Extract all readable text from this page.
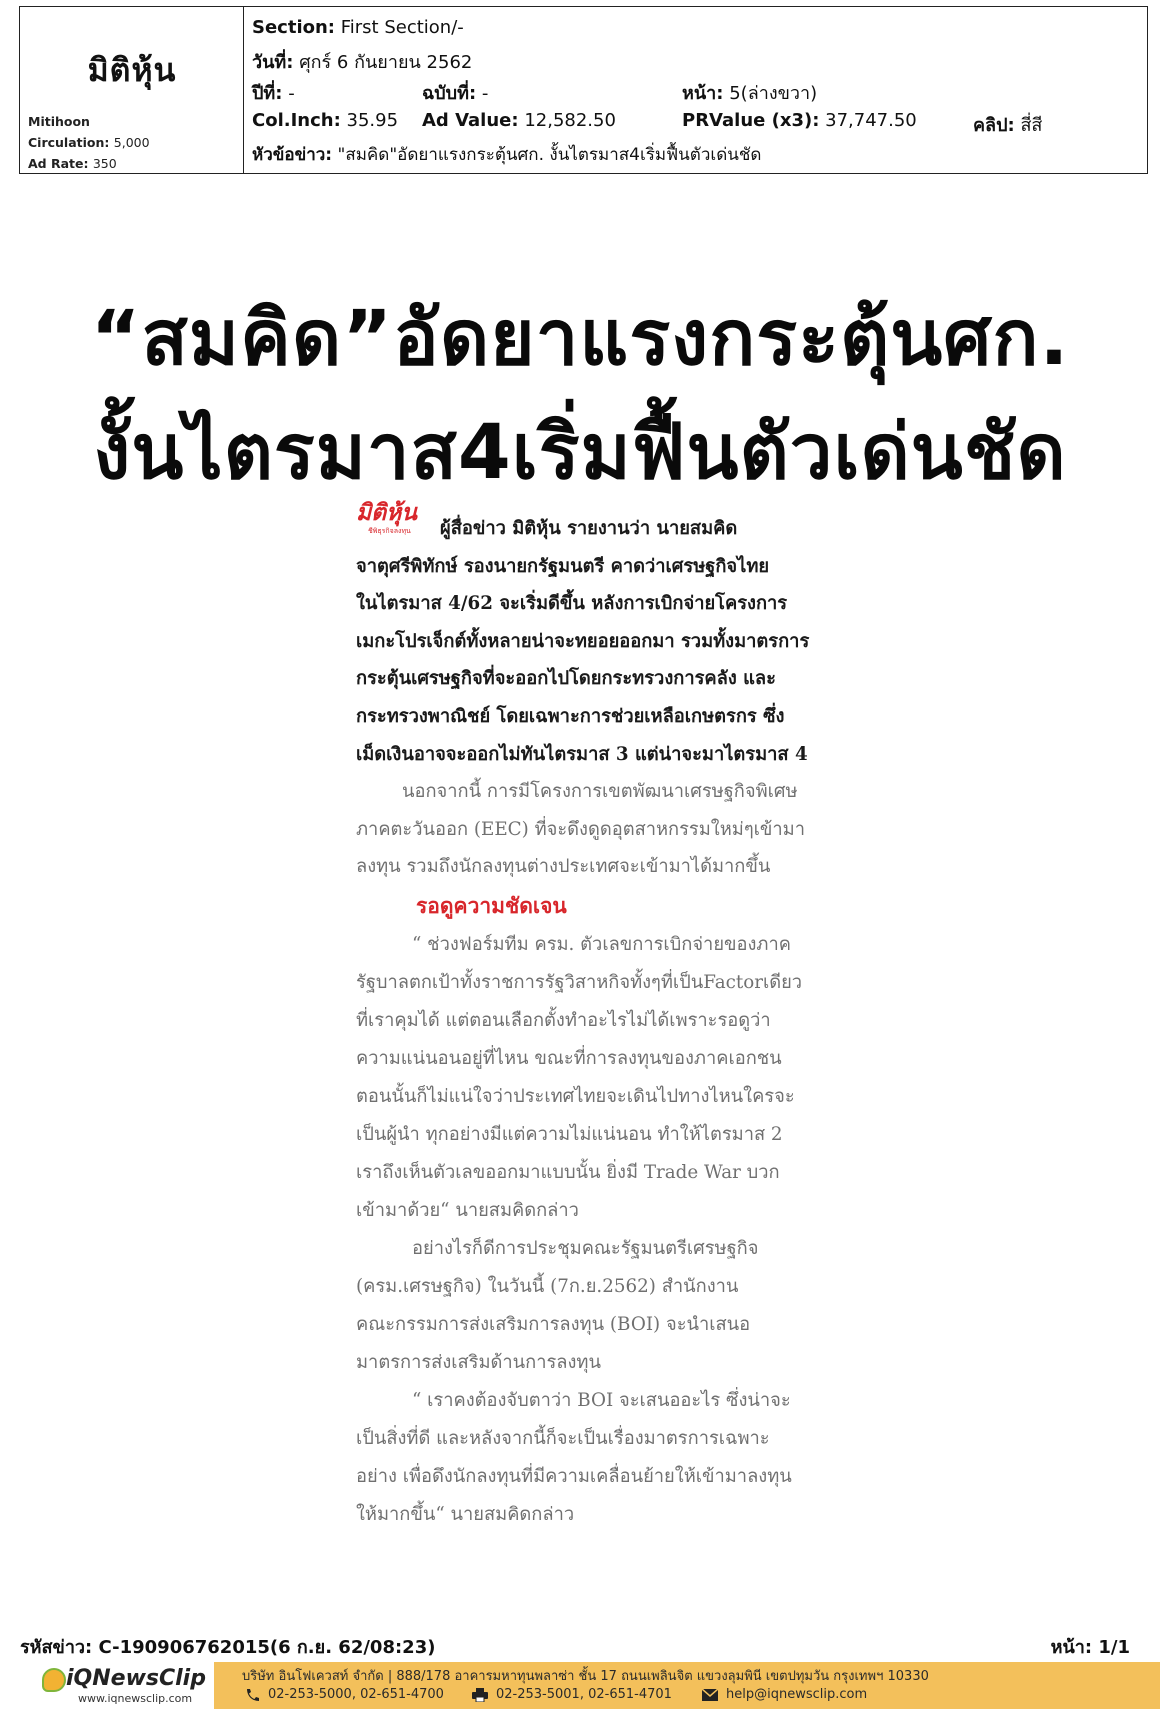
มิติหุ้น
Mitihoon
Circulation: 5,000
Ad Rate: 350
Section: First Section/-
วันที่: ศุกร์ 6 กันยายน 2562
ปีที่: -	ฉบับที่: -	หน้า: 5(ล่างขวา)
Col.Inch: 35.95 Ad Value: 12,582.50	PRValue (x3): 37,747.50	คลิป: สี่สี
หัวข้อข่าว: "สมคิด"อัดยาแรงกระตุ้นศก. งั้นไตรมาส4เริ่มฟื้นตัวเด่นชัด
“สมคิด”อัดยาแรงกระตุ้นศก.
งั้นไตรมาส4เริ่มฟื้นตัวเด่นชัด
มิติหุ้น
ชีพิธุรกิจลงทุน	ผู้สื่อข่าว มิติหุ้น รายงานว่า นายสมคิด
จาตุศรีพิทักษ์ รองนายกรัฐมนตรี คาดว่าเศรษฐกิจไทย
ในไตรมาส 4/62 จะเริ่มดีขึ้น หลังการเบิกจ่ายโครงการ
เมกะโปรเจ็กต์ทั้งหลายน่าจะทยอยออกมา รวมทั้งมาตรการ
กระตุ้นเศรษฐกิจที่จะออกไปโดยกระทรวงการคลัง และ
กระทรวงพาณิชย์ โดยเฉพาะการช่วยเหลือเกษตรกร ซึ่ง
เม็ดเงินอาจจะออกไม่ทันไตรมาส 3 แต่น่าจะมาไตรมาส 4
นอกจากนี้ การมีโครงการเขตพัฒนาเศรษฐกิจพิเศษ
ภาคตะวันออก (EEC) ที่จะดึงดูดอุตสาหกรรมใหม่ๆเข้ามา
ลงทุน รวมถึงนักลงทุนต่างประเทศจะเข้ามาได้มากขึ้น
รอดูความชัดเจน
“ ช่วงฟอร์มทีม ครม. ตัวเลขการเบิกจ่ายของภาค
รัฐบาลตกเป้าทั้งราชการรัฐวิสาหกิจทั้งๆที่เป็นFactorเดียว
ที่เราคุมได้ แต่ตอนเลือกตั้งทำอะไรไม่ได้เพราะรอดูว่า
ความแน่นอนอยู่ที่ไหน ขณะที่การลงทุนของภาคเอกชน
ตอนนั้นก็ไม่แน่ใจว่าประเทศไทยจะเดินไปทางไหนใครจะ
เป็นผู้นำ ทุกอย่างมีแต่ความไม่แน่นอน ทำให้ไตรมาส 2
เราถึงเห็นตัวเลขออกมาแบบนั้น ยิ่งมี Trade War บวก
เข้ามาด้วย“ นายสมคิดกล่าว
อย่างไรก็ดีการประชุมคณะรัฐมนตรีเศรษฐกิจ
(ครม.เศรษฐกิจ) ในวันนี้ (7ก.ย.2562) สำนักงาน
คณะกรรมการส่งเสริมการลงทุน (BOI) จะนำเสนอ
มาตรการส่งเสริมด้านการลงทุน
“ เราคงต้องจับตาว่า BOI จะเสนออะไร ซึ่งน่าจะ
เป็นสิ่งที่ดี และหลังจากนี้ก็จะเป็นเรื่องมาตรการเฉพาะ
อย่าง เพื่อดึงนักลงทุนที่มีความเคลื่อนย้ายให้เข้ามาลงทุน
ให้มากขึ้น“ นายสมคิดกล่าว
รหัสข่าว: C-190906762015(6 ก.ย. 62/08:23)	หน้า: 1/1
iQNewsClip
www.iqnewsclip.com
บริษัท อินโฟเควสท์ จำกัด | 888/178 อาคารมหาทุนพลาซ่า ชั้น 17 ถนนเพลินจิต แขวงลุมพินี เขตปทุมวัน กรุงเทพฯ 10330
02-253-5000, 02-651-4700	02-253-5001, 02-651-4701	help@iqnewsclip.com
